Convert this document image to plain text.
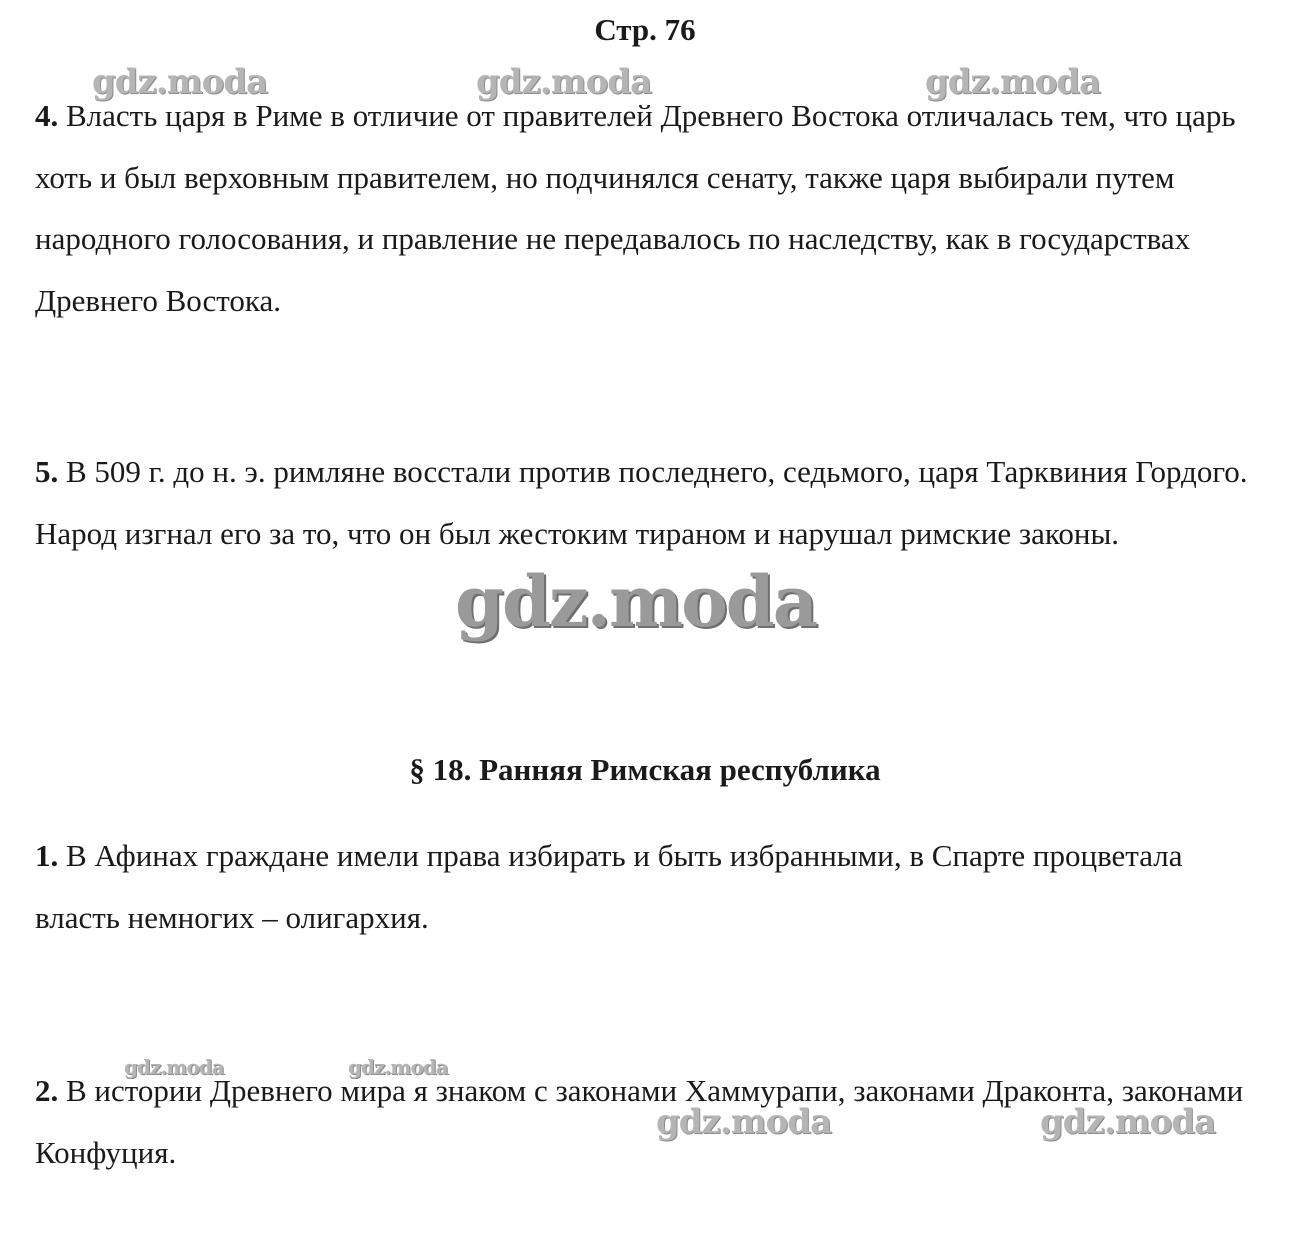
Стр. 76

4. Власть царя в Риме в отличие от правителей Древнего Востока отличалась тем, что царь хоть и был верховным правителем, но подчинялся сенату, также царя выбирали путем народного голосования, и правление не передавалось по наследству, как в государствах Древнего Востока.

5. В 509 г. до н. э. римляне восстали против последнего, седьмого, царя Тарквиния Гордого. Народ изгнал его за то, что он был жестоким тираном и нарушал римские законы.

§ 18. Ранняя Римская республика

1. В Афинах граждане имели права избирать и быть избранными, в Спарте процветала власть немногих – олигархия.

2. В истории Древнего мира я знаком с законами Хаммурапи, законами Драконта, законами Конфуция.

gdz.moda	gdz.moda	gdz.moda
gdz.moda
gdz.moda	gdz.moda
gdz.moda	gdz.moda
